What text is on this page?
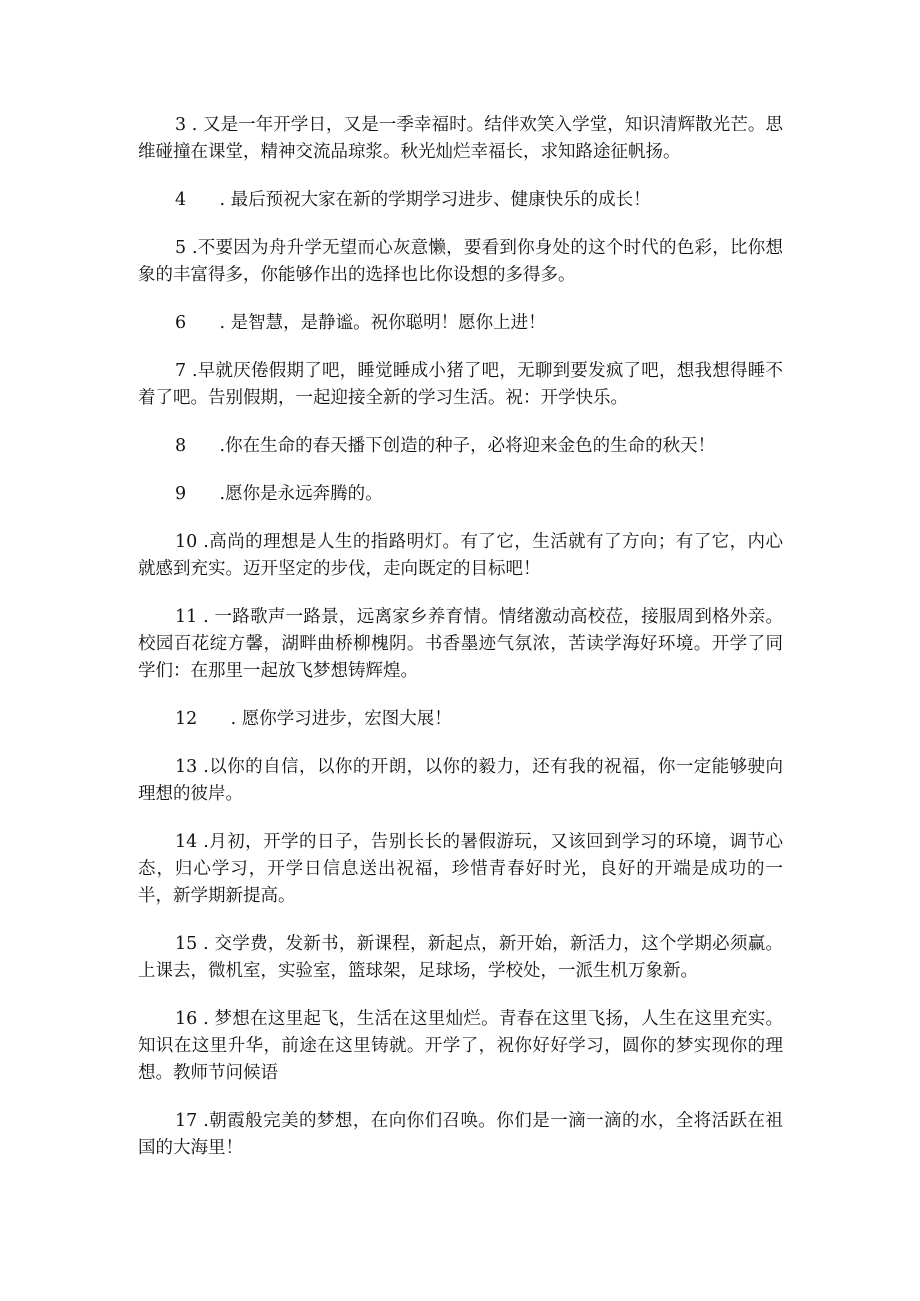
3 . 又是一年开学日，又是一季幸福时。结伴欢笑入学堂，知识清辉散光芒。思维碰撞在课堂，精神交流品琼浆。秋光灿烂幸福长，求知路途征帆扬。

4      . 最后预祝大家在新的学期学习进步、健康快乐的成长！

5 .不要因为舟升学无望而心灰意懒，要看到你身处的这个时代的色彩，比你想象的丰富得多，你能够作出的选择也比你设想的多得多。

6      . 是智慧，是静谧。祝你聪明！愿你上进！

7 .早就厌倦假期了吧，睡觉睡成小猪了吧，无聊到要发疯了吧，想我想得睡不着了吧。告别假期，一起迎接全新的学习生活。祝：开学快乐。

8      .你在生命的春天播下创造的种子，必将迎来金色的生命的秋天！

9      .愿你是永远奔腾的。

10 .高尚的理想是人生的指路明灯。有了它，生活就有了方向；有了它，内心就感到充实。迈开坚定的步伐，走向既定的目标吧！

11 . 一路歌声一路景，远离家乡养育情。情绪激动高校莅，接服周到格外亲。校园百花绽方馨，湖畔曲桥柳槐阴。书香墨迹气氛浓，苦读学海好环境。开学了同学们：在那里一起放飞梦想铸辉煌。

12      . 愿你学习进步，宏图大展！

13 .以你的自信，以你的开朗，以你的毅力，还有我的祝福，你一定能够驶向理想的彼岸。

14 .月初，开学的日子，告别长长的暑假游玩，又该回到学习的环境，调节心态，归心学习，开学日信息送出祝福，珍惜青春好时光，良好的开端是成功的一半，新学期新提高。

15 . 交学费，发新书，新课程，新起点，新开始，新活力，这个学期必须赢。上课去，微机室，实验室，篮球架，足球场，学校处，一派生机万象新。

16 . 梦想在这里起飞，生活在这里灿烂。青春在这里飞扬，人生在这里充实。知识在这里升华，前途在这里铸就。开学了，祝你好好学习，圆你的梦实现你的理想。教师节问候语

17 .朝霞般完美的梦想，在向你们召唤。你们是一滴一滴的水，全将活跃在祖国的大海里！
